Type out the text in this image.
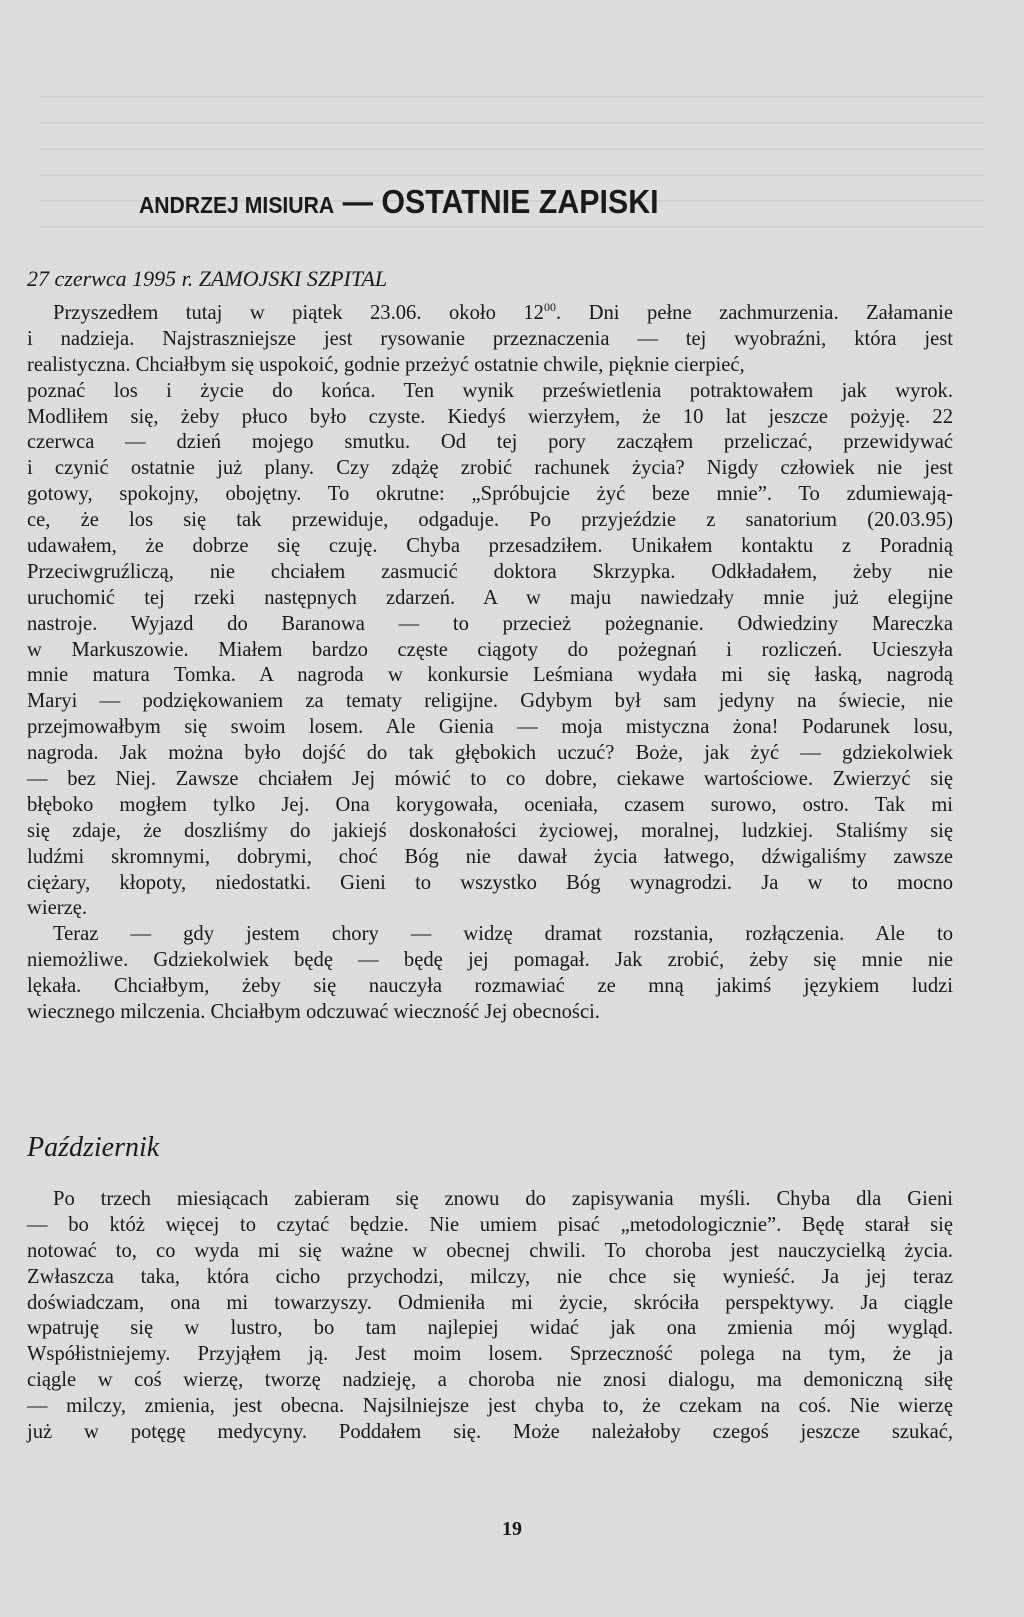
ANDRZEJ MISIURA — OSTATNIE ZAPISKI
27 czerwca 1995 r. ZAMOJSKI SZPITAL
Przyszedłem tutaj w piątek 23.06. około $12^{00}$. Dni pełne zachmurzenia. Załamanie
i nadzieja. Najstraszniejsze jest rysowanie przeznaczenia — tej wyobraźni, która jest
realistyczna. Chciałbym się uspokoić, godnie przeżyć ostatnie chwile, pięknie cierpieć,
poznać los i życie do końca. Ten wynik prześwietlenia potraktowałem jak wyrok.
Modliłem się, żeby płuco było czyste. Kiedyś wierzyłem, że 10 lat jeszcze pożyję. 22
czerwca — dzień mojego smutku. Od tej pory zacząłem przeliczać, przewidywać
i czynić ostatnie już plany. Czy zdążę zrobić rachunek życia? Nigdy człowiek nie jest
gotowy, spokojny, obojętny. To okrutne: „Spróbujcie żyć beze mnie”. To zdumiewają-
ce, że los się tak przewiduje, odgaduje. Po przyjeździe z sanatorium (20.03.95)
udawałem, że dobrze się czuję. Chyba przesadziłem. Unikałem kontaktu z Poradnią
Przeciwgruźliczą, nie chciałem zasmucić doktora Skrzypka. Odkładałem, żeby nie
uruchomić tej rzeki następnych zdarzeń. A w maju nawiedzały mnie już elegijne
nastroje. Wyjazd do Baranowa — to przecież pożegnanie. Odwiedziny Mareczka
w Markuszowie. Miałem bardzo częste ciągoty do pożegnań i rozliczeń. Ucieszyła
mnie matura Tomka. A nagroda w konkursie Leśmiana wydała mi się łaską, nagrodą
Maryi — podziękowaniem za tematy religijne. Gdybym był sam jedyny na świecie, nie
przejmowałbym się swoim losem. Ale Gienia — moja mistyczna żona! Podarunek losu,
nagroda. Jak można było dojść do tak głębokich uczuć? Boże, jak żyć — gdziekolwiek
— bez Niej. Zawsze chciałem Jej mówić to co dobre, ciekawe wartościowe. Zwierzyć się
błęboko mogłem tylko Jej. Ona korygowała, oceniała, czasem surowo, ostro. Tak mi
się zdaje, że doszliśmy do jakiejś doskonałości życiowej, moralnej, ludzkiej. Staliśmy się
ludźmi skromnymi, dobrymi, choć Bóg nie dawał życia łatwego, dźwigaliśmy zawsze
ciężary, kłopoty, niedostatki. Gieni to wszystko Bóg wynagrodzi. Ja w to mocno
wierzę.
Teraz — gdy jestem chory — widzę dramat rozstania, rozłączenia. Ale to
niemożliwe. Gdziekolwiek będę — będę jej pomagał. Jak zrobić, żeby się mnie nie
lękała. Chciałbym, żeby się nauczyła rozmawiać ze mną jakimś językiem ludzi
wiecznego milczenia. Chciałbym odczuwać wieczność Jej obecności.
Październik
Po trzech miesiącach zabieram się znowu do zapisywania myśli. Chyba dla Gieni
— bo któż więcej to czytać będzie. Nie umiem pisać „metodologicznie”. Będę starał się
notować to, co wyda mi się ważne w obecnej chwili. To choroba jest nauczycielką życia.
Zwłaszcza taka, która cicho przychodzi, milczy, nie chce się wynieść. Ja jej teraz
doświadczam, ona mi towarzyszy. Odmieniła mi życie, skróciła perspektywy. Ja ciągle
wpatruję się w lustro, bo tam najlepiej widać jak ona zmienia mój wygląd.
Współistniejemy. Przyjąłem ją. Jest moim losem. Sprzeczność polega na tym, że ja
ciągle w coś wierzę, tworzę nadzieję, a choroba nie znosi dialogu, ma demoniczną siłę
— milczy, zmienia, jest obecna. Najsilniejsze jest chyba to, że czekam na coś. Nie wierzę
już w potęgę medycyny. Poddałem się. Może należałoby czegoś jeszcze szukać,
19
